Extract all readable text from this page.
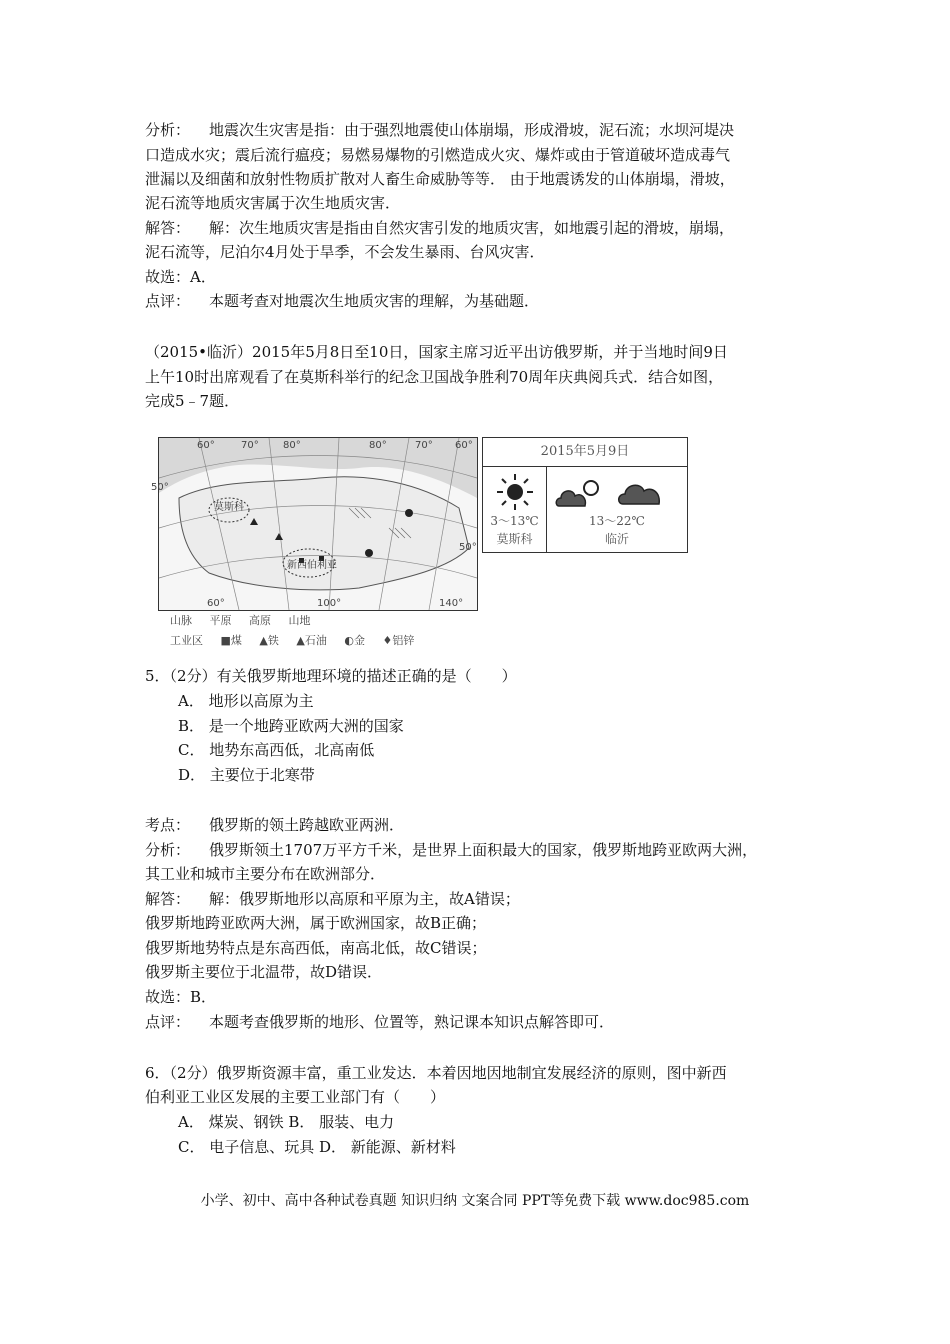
分析： 地震次生灾害是指：由于强烈地震使山体崩塌，形成滑坡，泥石流；水坝河堤决
口造成水灾；震后流行瘟疫；易燃易爆物的引燃造成火灾、爆炸或由于管道破坏造成毒气
泄漏以及细菌和放射性物质扩散对人畜生命威胁等等． 由于地震诱发的山体崩塌，滑坡，
泥石流等地质灾害属于次生地质灾害．
解答： 解：次生地质灾害是指由自然灾害引发的地质灾害，如地震引起的滑坡，崩塌，
泥石流等，尼泊尔4月处于旱季，不会发生暴雨、台风灾害．
故选：A．
点评： 本题考查对地震次生地质灾害的理解，为基础题．
（2015•临沂）2015年5月8日至10日，国家主席习近平出访俄罗斯，并于当地时间9日
上午10时出席观看了在莫斯科举行的纪念卫国战争胜利70周年庆典阅兵式．结合如图，
完成5﹣7题．
莫斯科
新西伯利亚
60°	70° 80°	80°	70° 60°
50°
50°
60°	100°	140°
山脉 平原 高原 山地
工业区 ■煤 ▲铁 ▲石油 ◐金 ♦铝锌
2015年5月9日
3～13℃
莫斯科
13～22℃
临沂
5．（2分）有关俄罗斯地理环境的描述正确的是（　　）
A． 地形以高原为主
B． 是一个地跨亚欧两大洲的国家
C． 地势东高西低，北高南低
D． 主要位于北寒带
考点： 俄罗斯的领土跨越欧亚两洲．
分析： 俄罗斯领土1707万平方千米，是世界上面积最大的国家，俄罗斯地跨亚欧两大洲，
其工业和城市主要分布在欧洲部分．
解答： 解：俄罗斯地形以高原和平原为主，故A错误；
俄罗斯地跨亚欧两大洲，属于欧洲国家，故B正确；
俄罗斯地势特点是东高西低，南高北低，故C错误；
俄罗斯主要位于北温带，故D错误．
故选：B．
点评： 本题考查俄罗斯的地形、位置等，熟记课本知识点解答即可．
6．（2分）俄罗斯资源丰富，重工业发达．本着因地因地制宜发展经济的原则，图中新西
伯利亚工业区发展的主要工业部门有（　　）
A． 煤炭、钢铁 B． 服装、电力
C． 电子信息、玩具 D． 新能源、新材料
小学、初中、高中各种试卷真题 知识归纳 文案合同 PPT等免费下载 www.doc985.com
